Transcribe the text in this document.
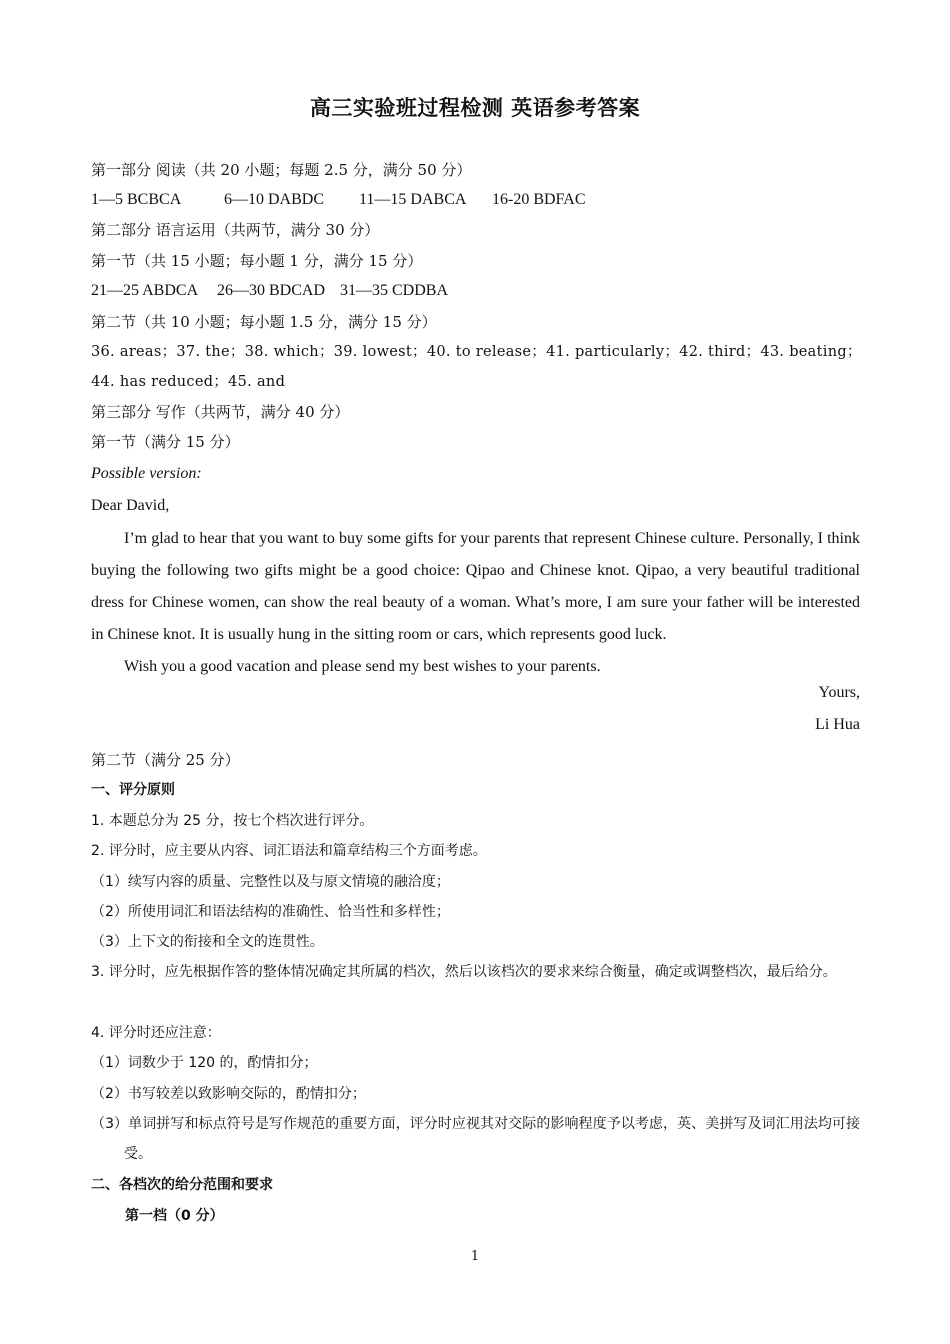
高三实验班过程检测 英语参考答案
第一部分 阅读（共 20 小题；每题 2.5 分，满分 50 分）
1—5 BCBCA	6—10 DABDC 11—15 DABCA 16-20 BDFAC
第二部分 语言运用（共两节，满分 30 分）
第一节（共 15 小题；每小题 1 分，满分 15 分）
21—25 ABDCA 26—30 BDCAD 31—35 CDDBA
第二节（共 10 小题；每小题 1.5 分，满分 15 分）
36. areas；37. the；38. which；39. lowest；40. to release；41. particularly；42. third；43. beating；
44. has reduced；45. and
第三部分 写作（共两节，满分 40 分）
第一节（满分 15 分）
Possible version:
Dear David,
I’m glad to hear that you want to buy some gifts for your parents that represent Chinese culture. Personally, I think buying the following two gifts might be a good choice: Qipao and Chinese knot. Qipao, a very beautiful traditional dress for Chinese women, can show the real beauty of a woman. What’s more, I am sure your father will be interested in Chinese knot. It is usually hung in the sitting room or cars, which represents good luck.
Wish you a good vacation and please send my best wishes to your parents.
Yours,
Li Hua
第二节（满分 25 分）
一、评分原则
1. 本题总分为 25 分，按七个档次进行评分。
2. 评分时，应主要从内容、词汇语法和篇章结构三个方面考虑。
（1）续写内容的质量、完整性以及与原文情境的融洽度；
（2）所使用词汇和语法结构的准确性、恰当性和多样性；
（3）上下文的衔接和全文的连贯性。
3. 评分时，应先根据作答的整体情况确定其所属的档次，然后以该档次的要求来综合衡量，确定或调整档次，最后给分。
4. 评分时还应注意：
（1）词数少于 120 的，酌情扣分；
（2）书写较差以致影响交际的，酌情扣分；
（3）单词拼写和标点符号是写作规范的重要方面，评分时应视其对交际的影响程度予以考虑，英、美拼写及词汇用法均可接受。
二、各档次的给分范围和要求
第一档（0 分）
1
